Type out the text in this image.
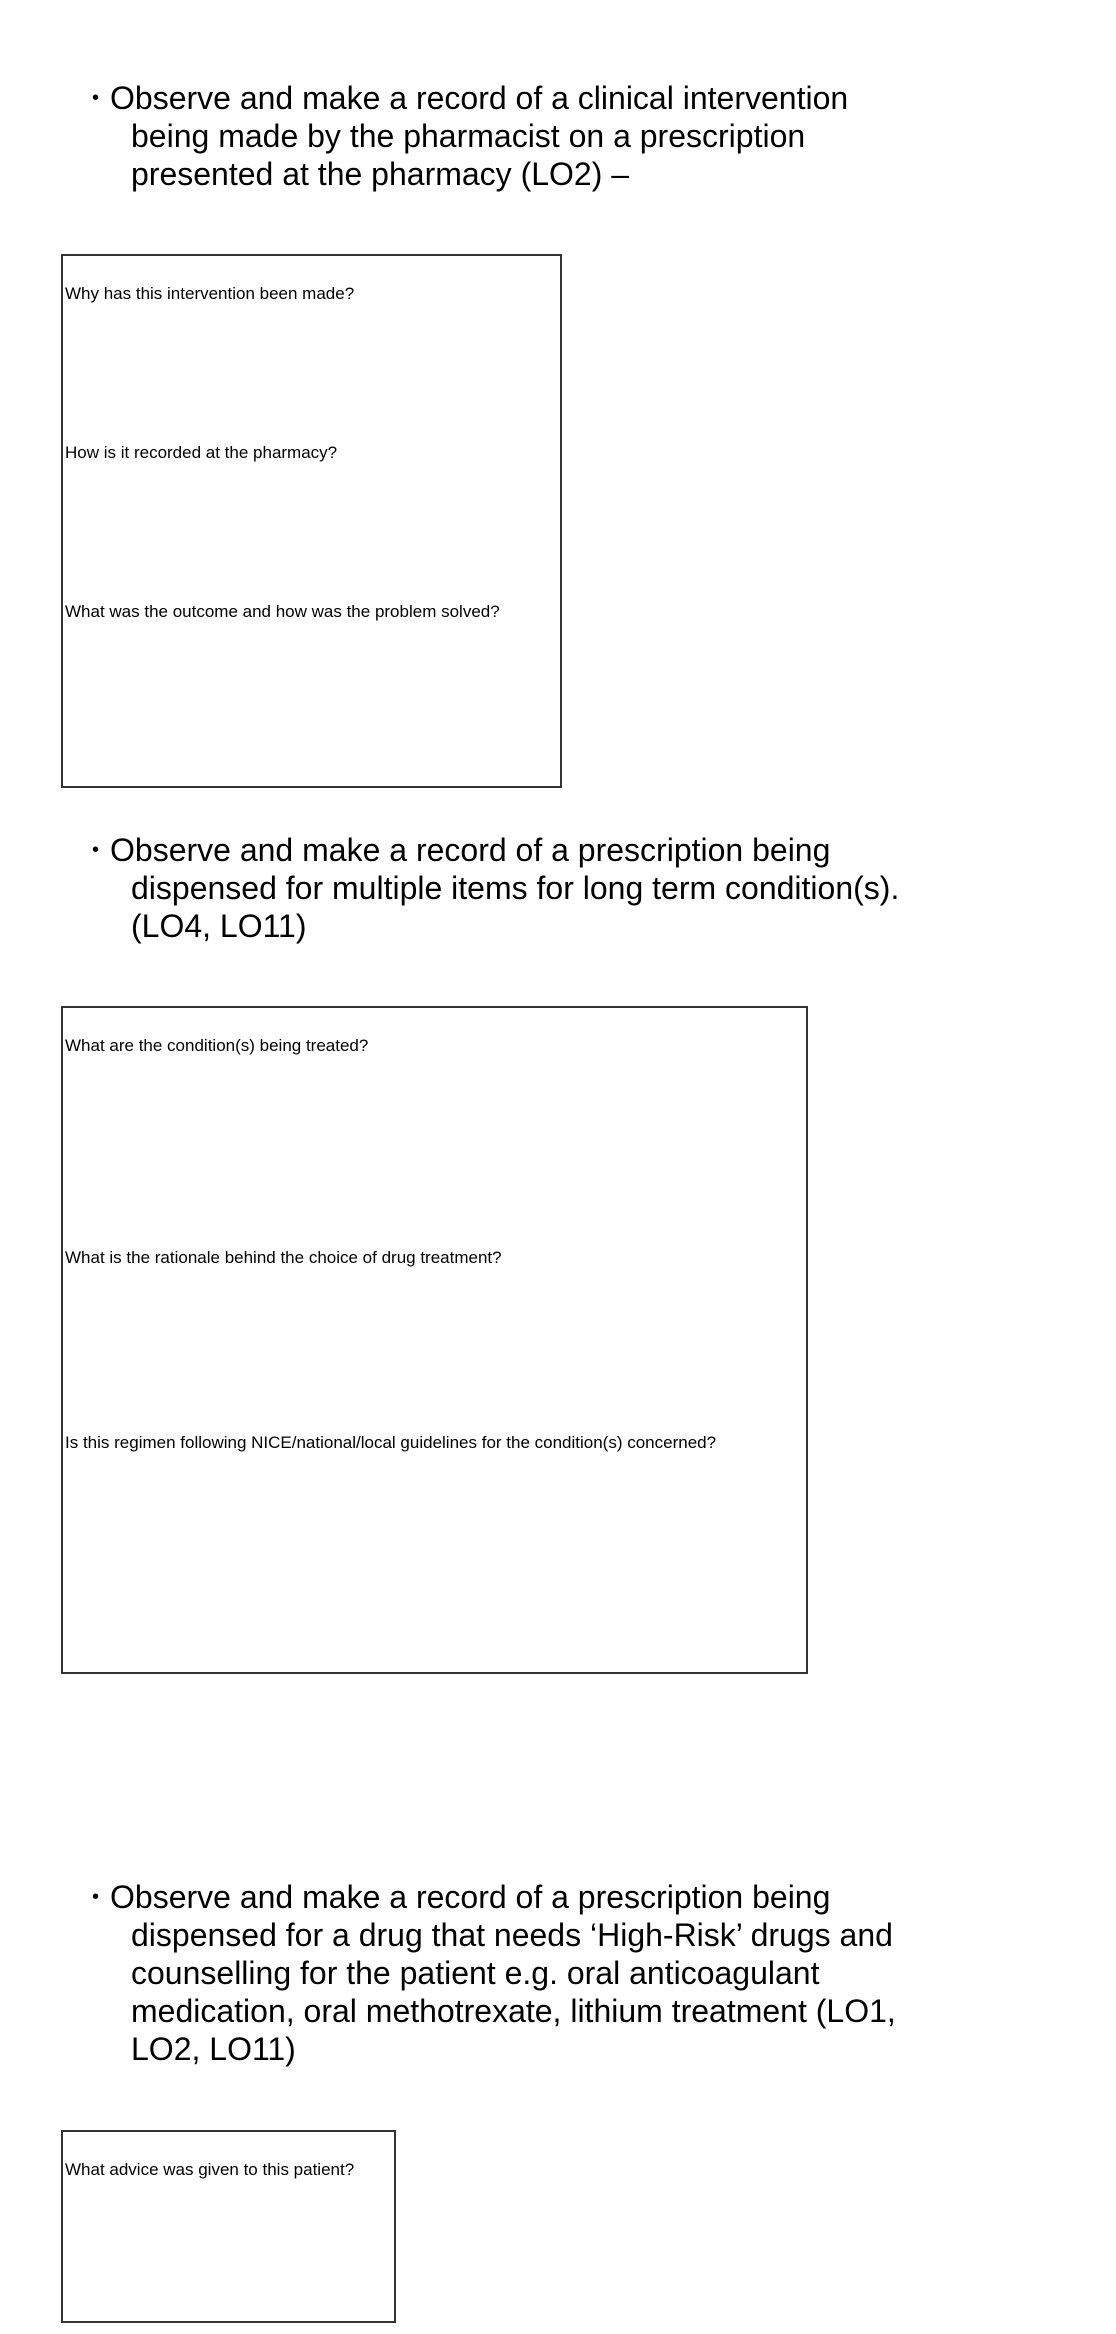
• Observe and make a record of a clinical intervention
being made by the pharmacist on a prescription
presented at the pharmacy (LO2) –
Why has this intervention been made?
How is it recorded at the pharmacy?
What was the outcome and how was the problem solved?
• Observe and make a record of a prescription being
dispensed for multiple items for long term condition(s).
(LO4, LO11)
What are the condition(s) being treated?
What is the rationale behind the choice of drug treatment?
Is this regimen following NICE/national/local guidelines for the condition(s) concerned?
• Observe and make a record of a prescription being
dispensed for a drug that needs ‘High-Risk’ drugs and
counselling for the patient e.g. oral anticoagulant
medication, oral methotrexate, lithium treatment (LO1,
LO2, LO11)
What advice was given to this patient?
